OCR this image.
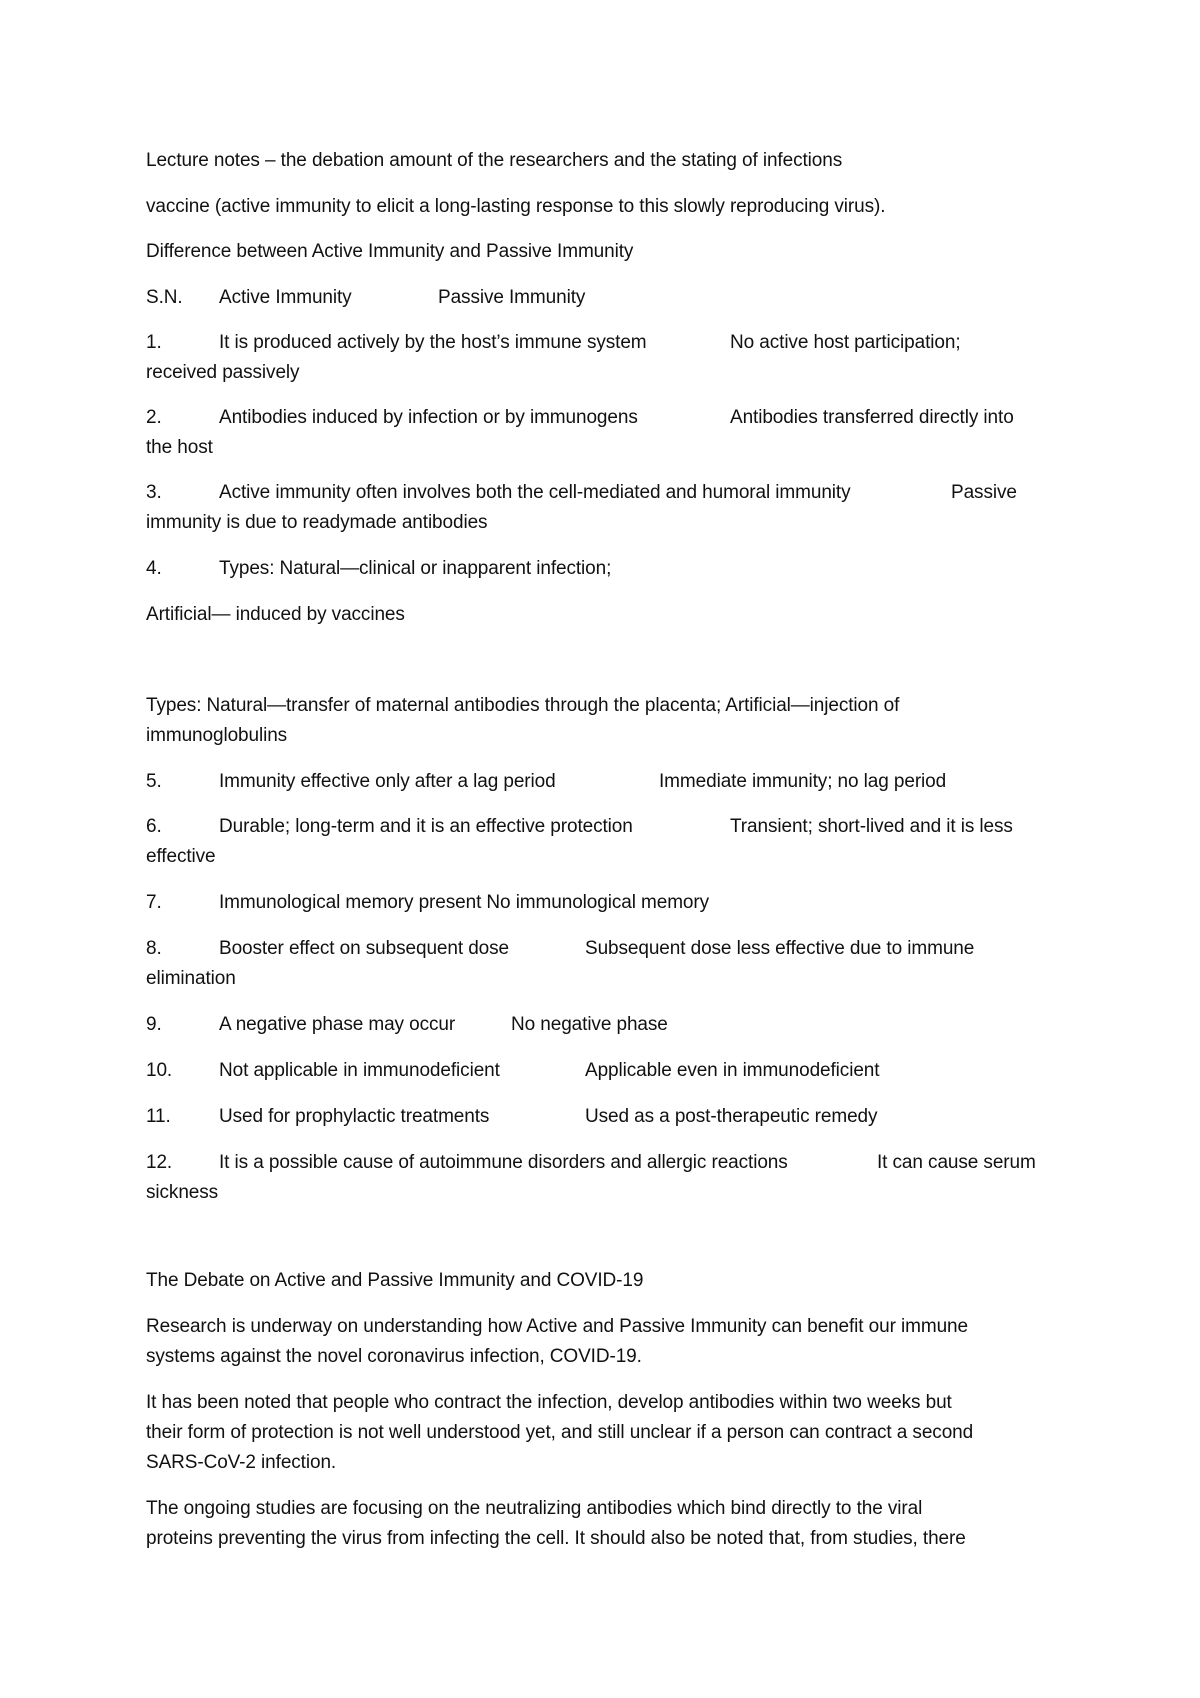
Lecture notes – the debation amount of the researchers and the stating of infections
vaccine (active immunity to elicit a long-lasting response to this slowly reproducing virus).
Difference between Active Immunity and Passive Immunity
S.N. Active Immunity	Passive Immunity
1.	It is produced actively by the host’s immune system	No active host participation;
received passively
2.	Antibodies induced by infection or by immunogens	Antibodies transferred directly into
the host
3.	Active immunity often involves both the cell-mediated and humoral immunity	Passive
immunity is due to readymade antibodies
4.	Types: Natural—clinical or inapparent infection;
Artificial— induced by vaccines
Types: Natural—transfer of maternal antibodies through the placenta; Artificial—injection of
immunoglobulins
5.	Immunity effective only after a lag period	Immediate immunity; no lag period
6.	Durable; long-term and it is an effective protection	Transient; short-lived and it is less
effective
7.	Immunological memory present No immunological memory
8.	Booster effect on subsequent dose	Subsequent dose less effective due to immune
elimination
9.	A negative phase may occur	No negative phase
10. Not applicable in immunodeficient	Applicable even in immunodeficient
11.	Used for prophylactic treatments	Used as a post-therapeutic remedy
12. It is a possible cause of autoimmune disorders and allergic reactions	It can cause serum
sickness
The Debate on Active and Passive Immunity and COVID-19
Research is underway on understanding how Active and Passive Immunity can benefit our immune
systems against the novel coronavirus infection, COVID-19.
It has been noted that people who contract the infection, develop antibodies within two weeks but
their form of protection is not well understood yet, and still unclear if a person can contract a second
SARS-CoV-2 infection.
The ongoing studies are focusing on the neutralizing antibodies which bind directly to the viral
proteins preventing the virus from infecting the cell. It should also be noted that, from studies, there
